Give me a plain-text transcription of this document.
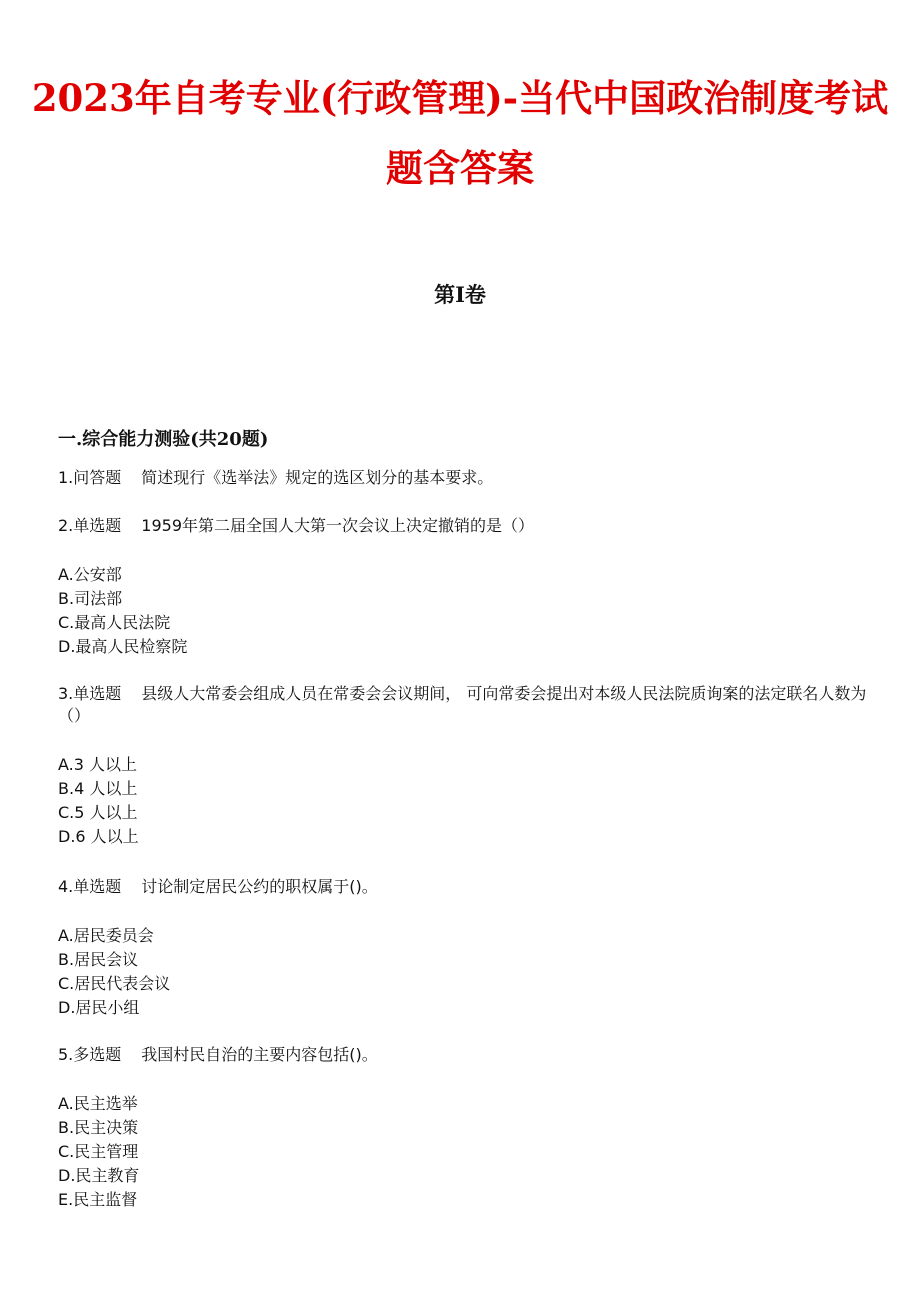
2023年自考专业(行政管理)-当代中国政治制度考试
题含答案
第Ⅰ卷
一.综合能力测验(共20题)
1.问答题 简述现行《选举法》规定的选区划分的基本要求。
2.单选题 1959年第二届全国人大第一次会议上决定撤销的是（）
A.公安部
B.司法部
C.最高人民法院
D.最高人民检察院
3.单选题 县级人大常委会组成人员在常委会会议期间， 可向常委会提出对本级人民法院质询案的法定联名人数为（）
A.3 人以上
B.4 人以上
C.5 人以上
D.6 人以上
4.单选题 讨论制定居民公约的职权属于()。
A.居民委员会
B.居民会议
C.居民代表会议
D.居民小组
5.多选题 我国村民自治的主要内容包括()。
A.民主选举
B.民主决策
C.民主管理
D.民主教育
E.民主监督
